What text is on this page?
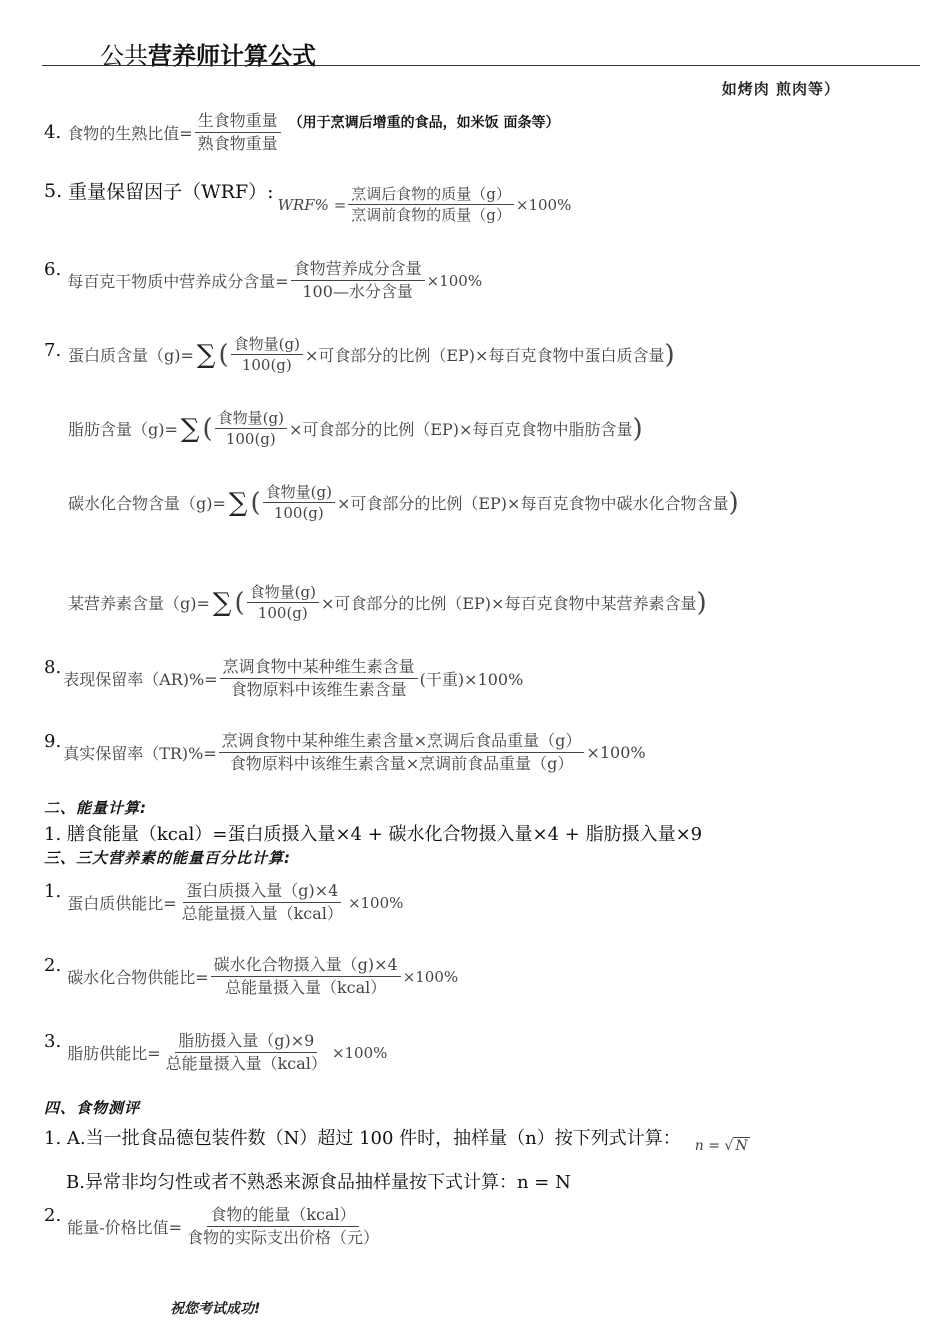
公共营养师计算公式
如烤肉 煎肉等）
4. 食物的生熟比值= $\frac{\text{生食物重量}}{\text{熟食物重量}}$ （用于烹调后增重的食品，如米饭 面条等）
5. 重量保留因子（WRF）:
$WRF\% = \frac{\text{烹调后食物的质量（g）}}{\text{烹调前食物的质量（g）}} \times 100\%$
6.
每百克干物质中营养成分含量= $\frac{\text{食物营养成分含量}}{\text{100—水分含量}} \times 100\%$
7. 蛋白质含量（g)= ∑ ( $\frac{\text{食物量(g)}}{100(g)}$ ×可食部分的比例（EP)×每百克食物中蛋白质含量 )
脂肪含量（g)= ∑ ( $\frac{\text{食物量(g)}}{100(g)}$ ×可食部分的比例（EP)×每百克食物中脂肪含量 )
碳水化合物含量（g)= ∑ ( $\frac{\text{食物量(g)}}{100(g)}$ ×可食部分的比例（EP)×每百克食物中碳水化合物含量 )
某营养素含量（g)= ∑ ( $\frac{\text{食物量(g)}}{100(g)}$ ×可食部分的比例（EP)×每百克食物中某营养素含量 )
8.
表现保留率$(AR)\%= \frac{\text{烹调食物中某种维生素含量}}{\text{食物原料中该维生素含量}}$ (干重)×100%
9.
真实保留率$(TR)\%= \frac{\text{烹调食物中某种维生素含量×烹调后食品重量（g）}}{\text{食物原料中该维生素含量×烹调前食品重量（g）}} \times 100\%$
二、能量计算:
1. 膳食能量（kcal）=蛋白质摄入量×4 + 碳水化合物摄入量×4 + 脂肪摄入量×9
三、三大营养素的能量百分比计算:
1.
蛋白质供能比= $\frac{\text{蛋白质摄入量（g)×4}}{\text{总能量摄入量（kcal）}} \times 100\%$
2.
碳水化合物供能比= $\frac{\text{碳水化合物摄入量（g)×4}}{\text{总能量摄入量（kcal）}} \times 100\%$
3.
脂肪供能比= $\frac{\text{脂肪摄入量（g)×9}}{\text{总能量摄入量（kcal）}} \times 100\%$
四、食物测评
1. A.当一批食品德包装件数（N）超过 100 件时，抽样量（n）按下列式计算： n = √ N
B.异常非均匀性或者不熟悉来源食品抽样量按下式计算：n = N
2.
能量-价格比值= $\frac{\text{食物的能量（kcal）}}{\text{食物的实际支出价格（元）}}$
祝您考试成功!
